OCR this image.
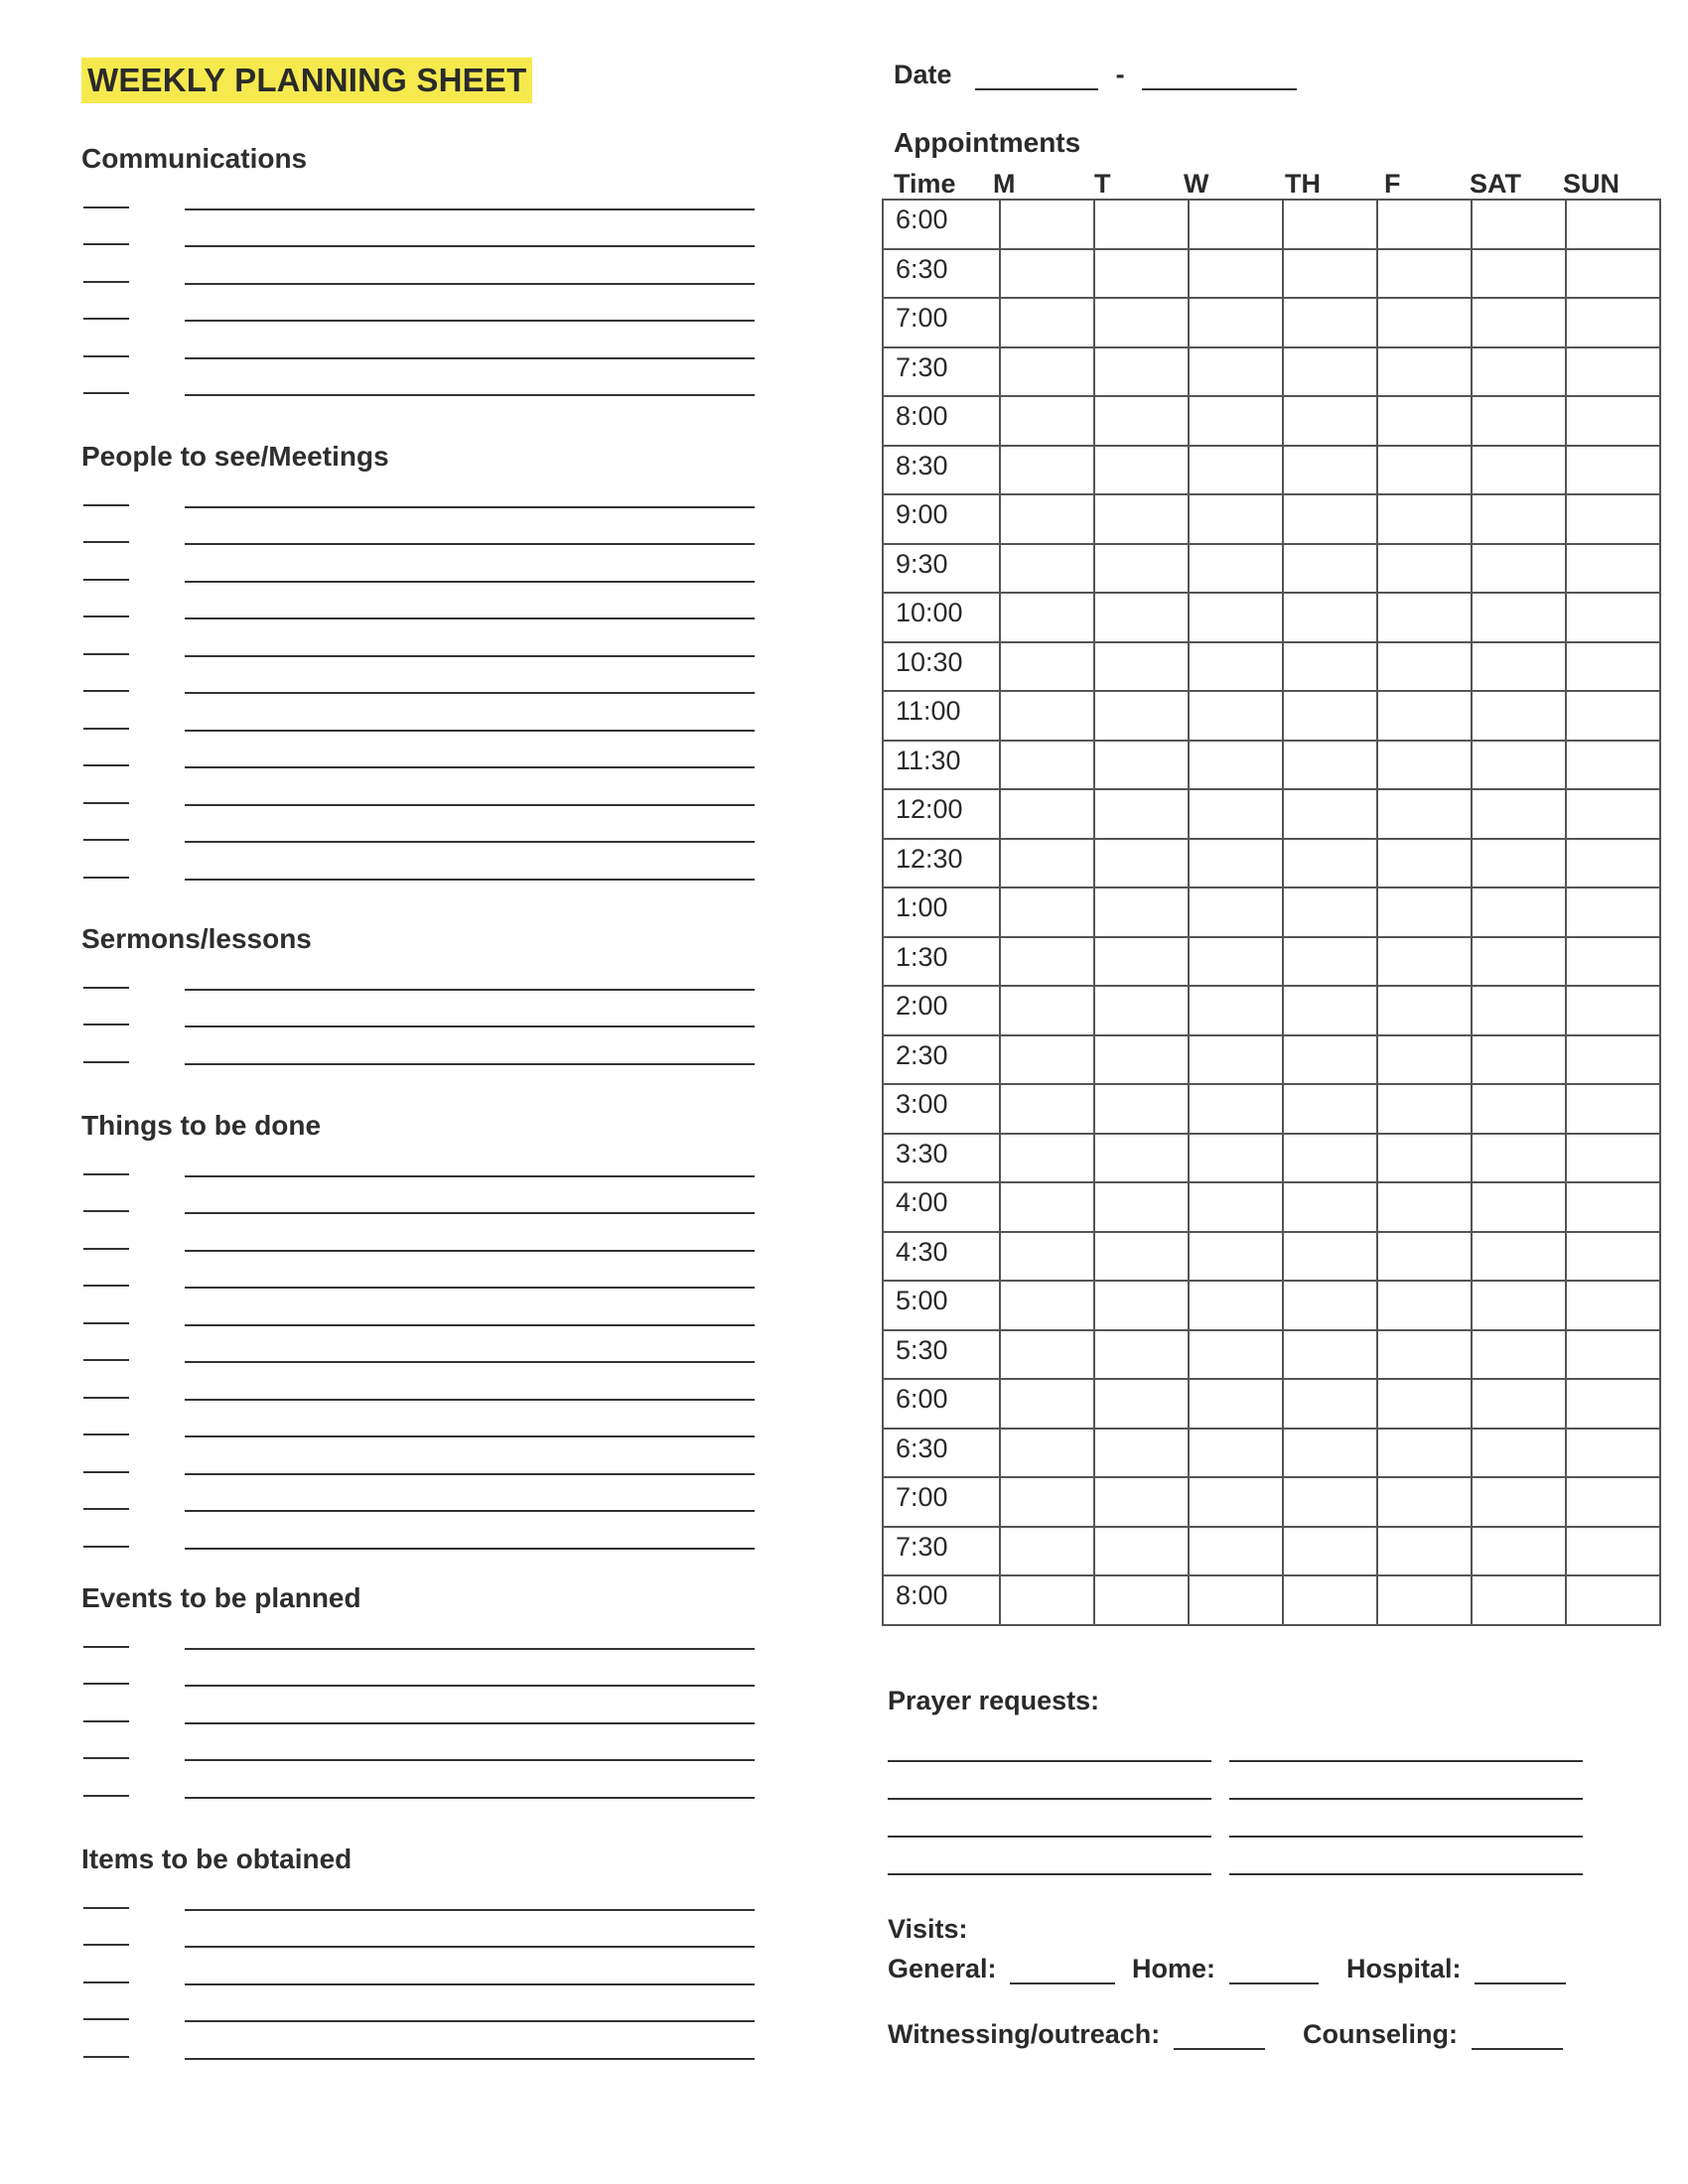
WEEKLY PLANNING SHEET
Communications
People to see/Meetings
Sermons/lessons
Things to be done
Events to be planned
Items to be obtained
Date	-
Appointments
Time M	T	W	TH F	SAT SUN
6:00							
6:30							
7:00							
7:30							
8:00							
8:30							
9:00							
9:30							
10:00							
10:30							
11:00							
11:30							
12:00							
12:30							
1:00							
1:30							
2:00							
2:30							
3:00							
3:30							
4:00							
4:30							
5:00							
5:30							
6:00							
6:30							
7:00							
7:30							
8:00							
Prayer requests:
Visits:
General:	Home:	Hospital:
Witnessing/outreach:	Counseling:
